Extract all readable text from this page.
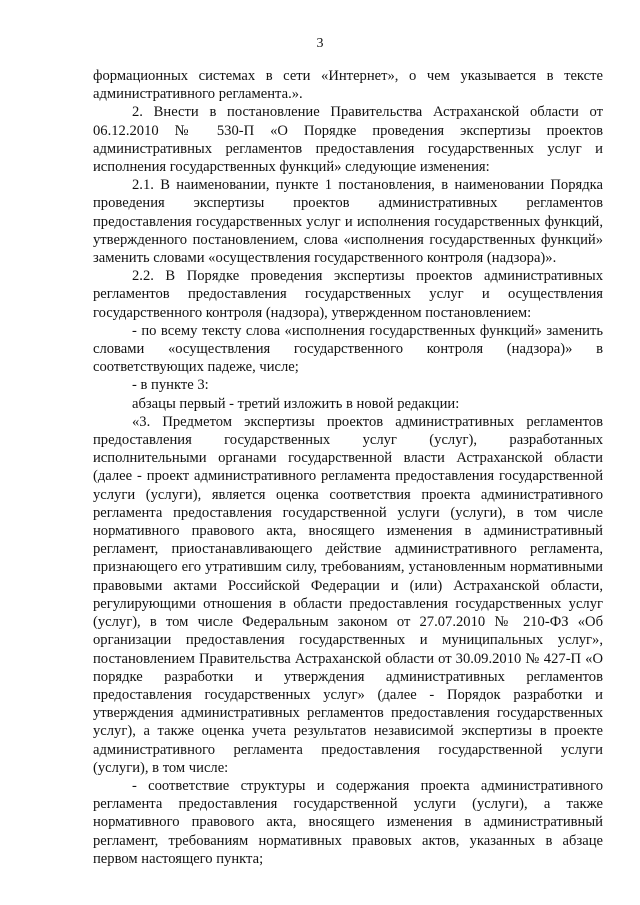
3

формационных системах в сети «Интернет», о чем указывается в тексте административного регламента.».

2. Внести в постановление Правительства Астраханской области от 06.12.2010 № 530-П «О Порядке проведения экспертизы проектов административных регламентов предоставления государственных услуг и исполнения государственных функций» следующие изменения:

2.1. В наименовании, пункте 1 постановления, в наименовании Порядка проведения экспертизы проектов административных регламентов предоставления государственных услуг и исполнения государственных функций, утвержденного постановлением, слова «исполнения государственных функций» заменить словами «осуществления государственного контроля (надзора)».

2.2. В Порядке проведения экспертизы проектов административных регламентов предоставления государственных услуг и осуществления государственного контроля (надзора), утвержденном постановлением:

- по всему тексту слова «исполнения государственных функций» заменить словами «осуществления государственного контроля (надзора)» в соответствующих падеже, числе;

- в пункте 3:

абзацы первый - третий изложить в новой редакции:

«3. Предметом экспертизы проектов административных регламентов предоставления государственных услуг (услуг), разработанных исполнительными органами государственной власти Астраханской области (далее - проект административного регламента предоставления государственной услуги (услуги), является оценка соответствия проекта административного регламента предоставления государственной услуги (услуги), в том числе нормативного правового акта, вносящего изменения в административный регламент, приостанавливающего действие административного регламента, признающего его утратившим силу, требованиям, установленным нормативными правовыми актами Российской Федерации и (или) Астраханской области, регулирующими отношения в области предоставления государственных услуг (услуг), в том числе Федеральным законом от 27.07.2010 № 210-ФЗ «Об организации предоставления государственных и муниципальных услуг», постановлением Правительства Астраханской области от 30.09.2010 № 427-П «О порядке разработки и утверждения административных регламентов предоставления государственных услуг» (далее - Порядок разработки и утверждения административных регламентов предоставления государственных услуг), а также оценка учета результатов независимой экспертизы в проекте административного регламента предоставления государственной услуги (услуги), в том числе:

- соответствие структуры и содержания проекта административного регламента предоставления государственной услуги (услуги), а также нормативного правового акта, вносящего изменения в административный регламент, требованиям нормативных правовых актов, указанных в абзаце первом настоящего пункта;
